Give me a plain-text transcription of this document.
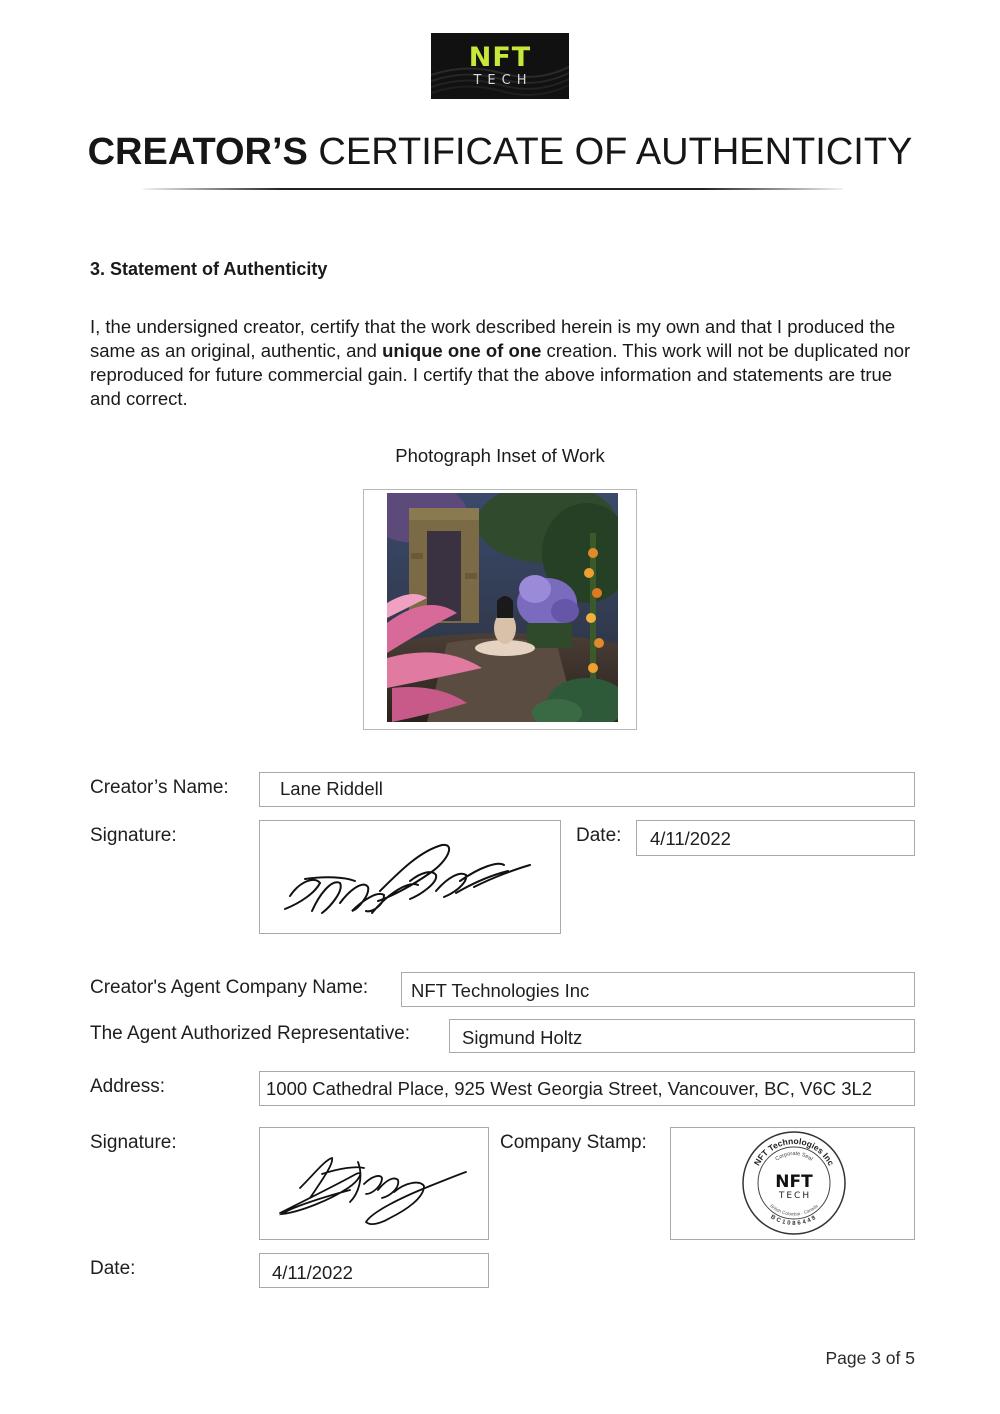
NFT
TECH
CREATOR’S CERTIFICATE OF AUTHENTICITY
3. Statement of Authenticity
I, the undersigned creator, certify that the work described herein is my own and that I produced the same as an original, authentic, and unique one of one creation. This work will not be duplicated nor reproduced for future commercial gain. I certify that the above information and statements are true and correct.
Photograph Inset of Work
Creator’s Name:	Lane Riddell
Signature:	Date:	4/11/2022
Creator's Agent Company Name:	NFT Technologies Inc
The Agent Authorized Representative:	Sigmund Holtz
Address:	1000 Cathedral Place, 925 West Georgia Street, Vancouver, BC, V6C 3L2
Signature:	Company Stamp:
NFT Technologies Inc
Corporate Seal
British Columbia · Canada
BC1086448
NFT
TECH
Date:	4/11/2022
Page 3 of 5
